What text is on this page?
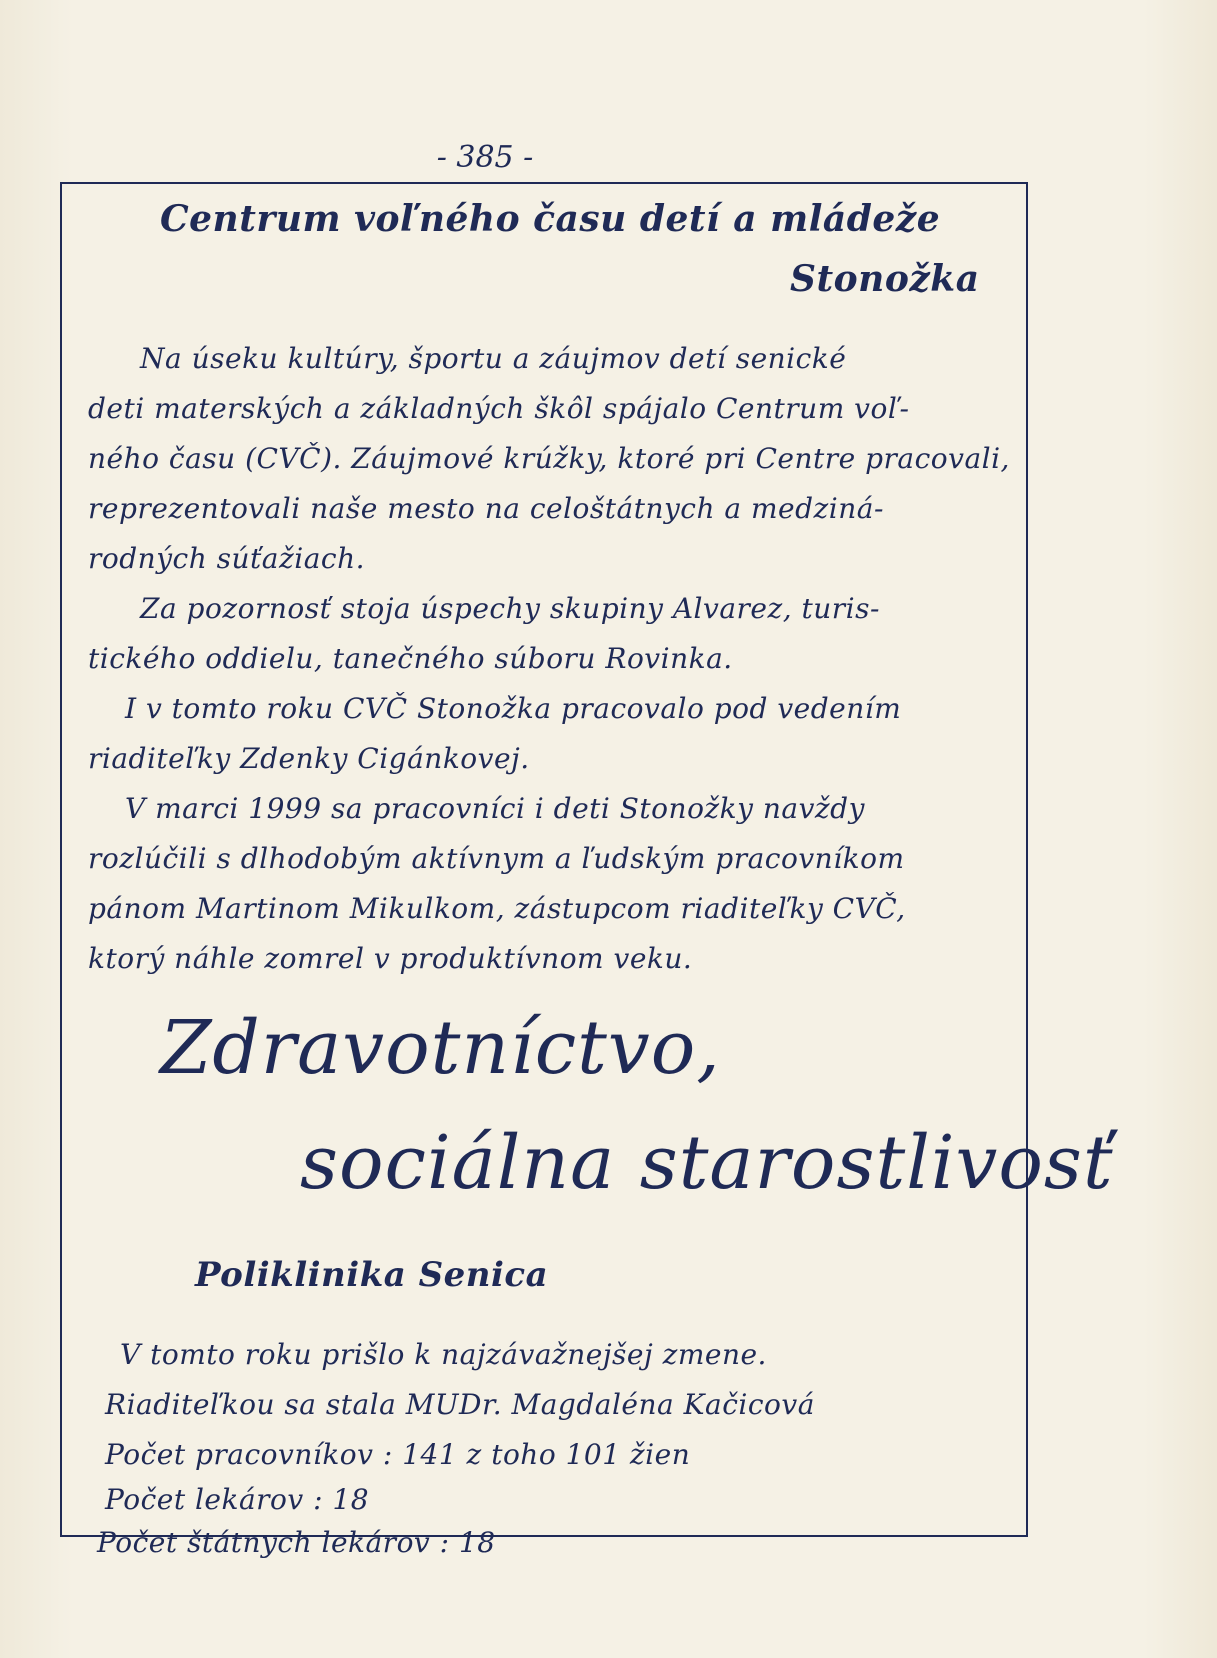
- 385 -
Centrum voľného času detí a mládeže
Stonožka
Na úseku kultúry, športu a záujmov detí senické
deti materských a základných škôl spájalo Centrum voľ-
ného času (CVČ). Záujmové krúžky, ktoré pri Centre pracovali,
reprezentovali naše mesto na celoštátnych a medziná-
rodných súťažiach.
Za pozornosť stoja úspechy skupiny Alvarez, turis-
tického oddielu, tanečného súboru Rovinka.
I v tomto roku CVČ Stonožka pracovalo pod vedením
riaditeľky Zdenky Cigánkovej.
V marci 1999 sa pracovníci i deti Stonožky navždy
rozlúčili s dlhodobým aktívnym a ľudským pracovníkom
pánom Martinom Mikulkom, zástupcom riaditeľky CVČ,
ktorý náhle zomrel v produktívnom veku.
Zdravotníctvo,
sociálna starostlivosť
Poliklinika Senica
V tomto roku prišlo k najzávažnejšej zmene.
Riaditeľkou sa stala MUDr. Magdaléna Kačicová
Počet pracovníkov : 141 z toho 101 žien
Počet lekárov : 18
Počet štátnych lekárov : 18
